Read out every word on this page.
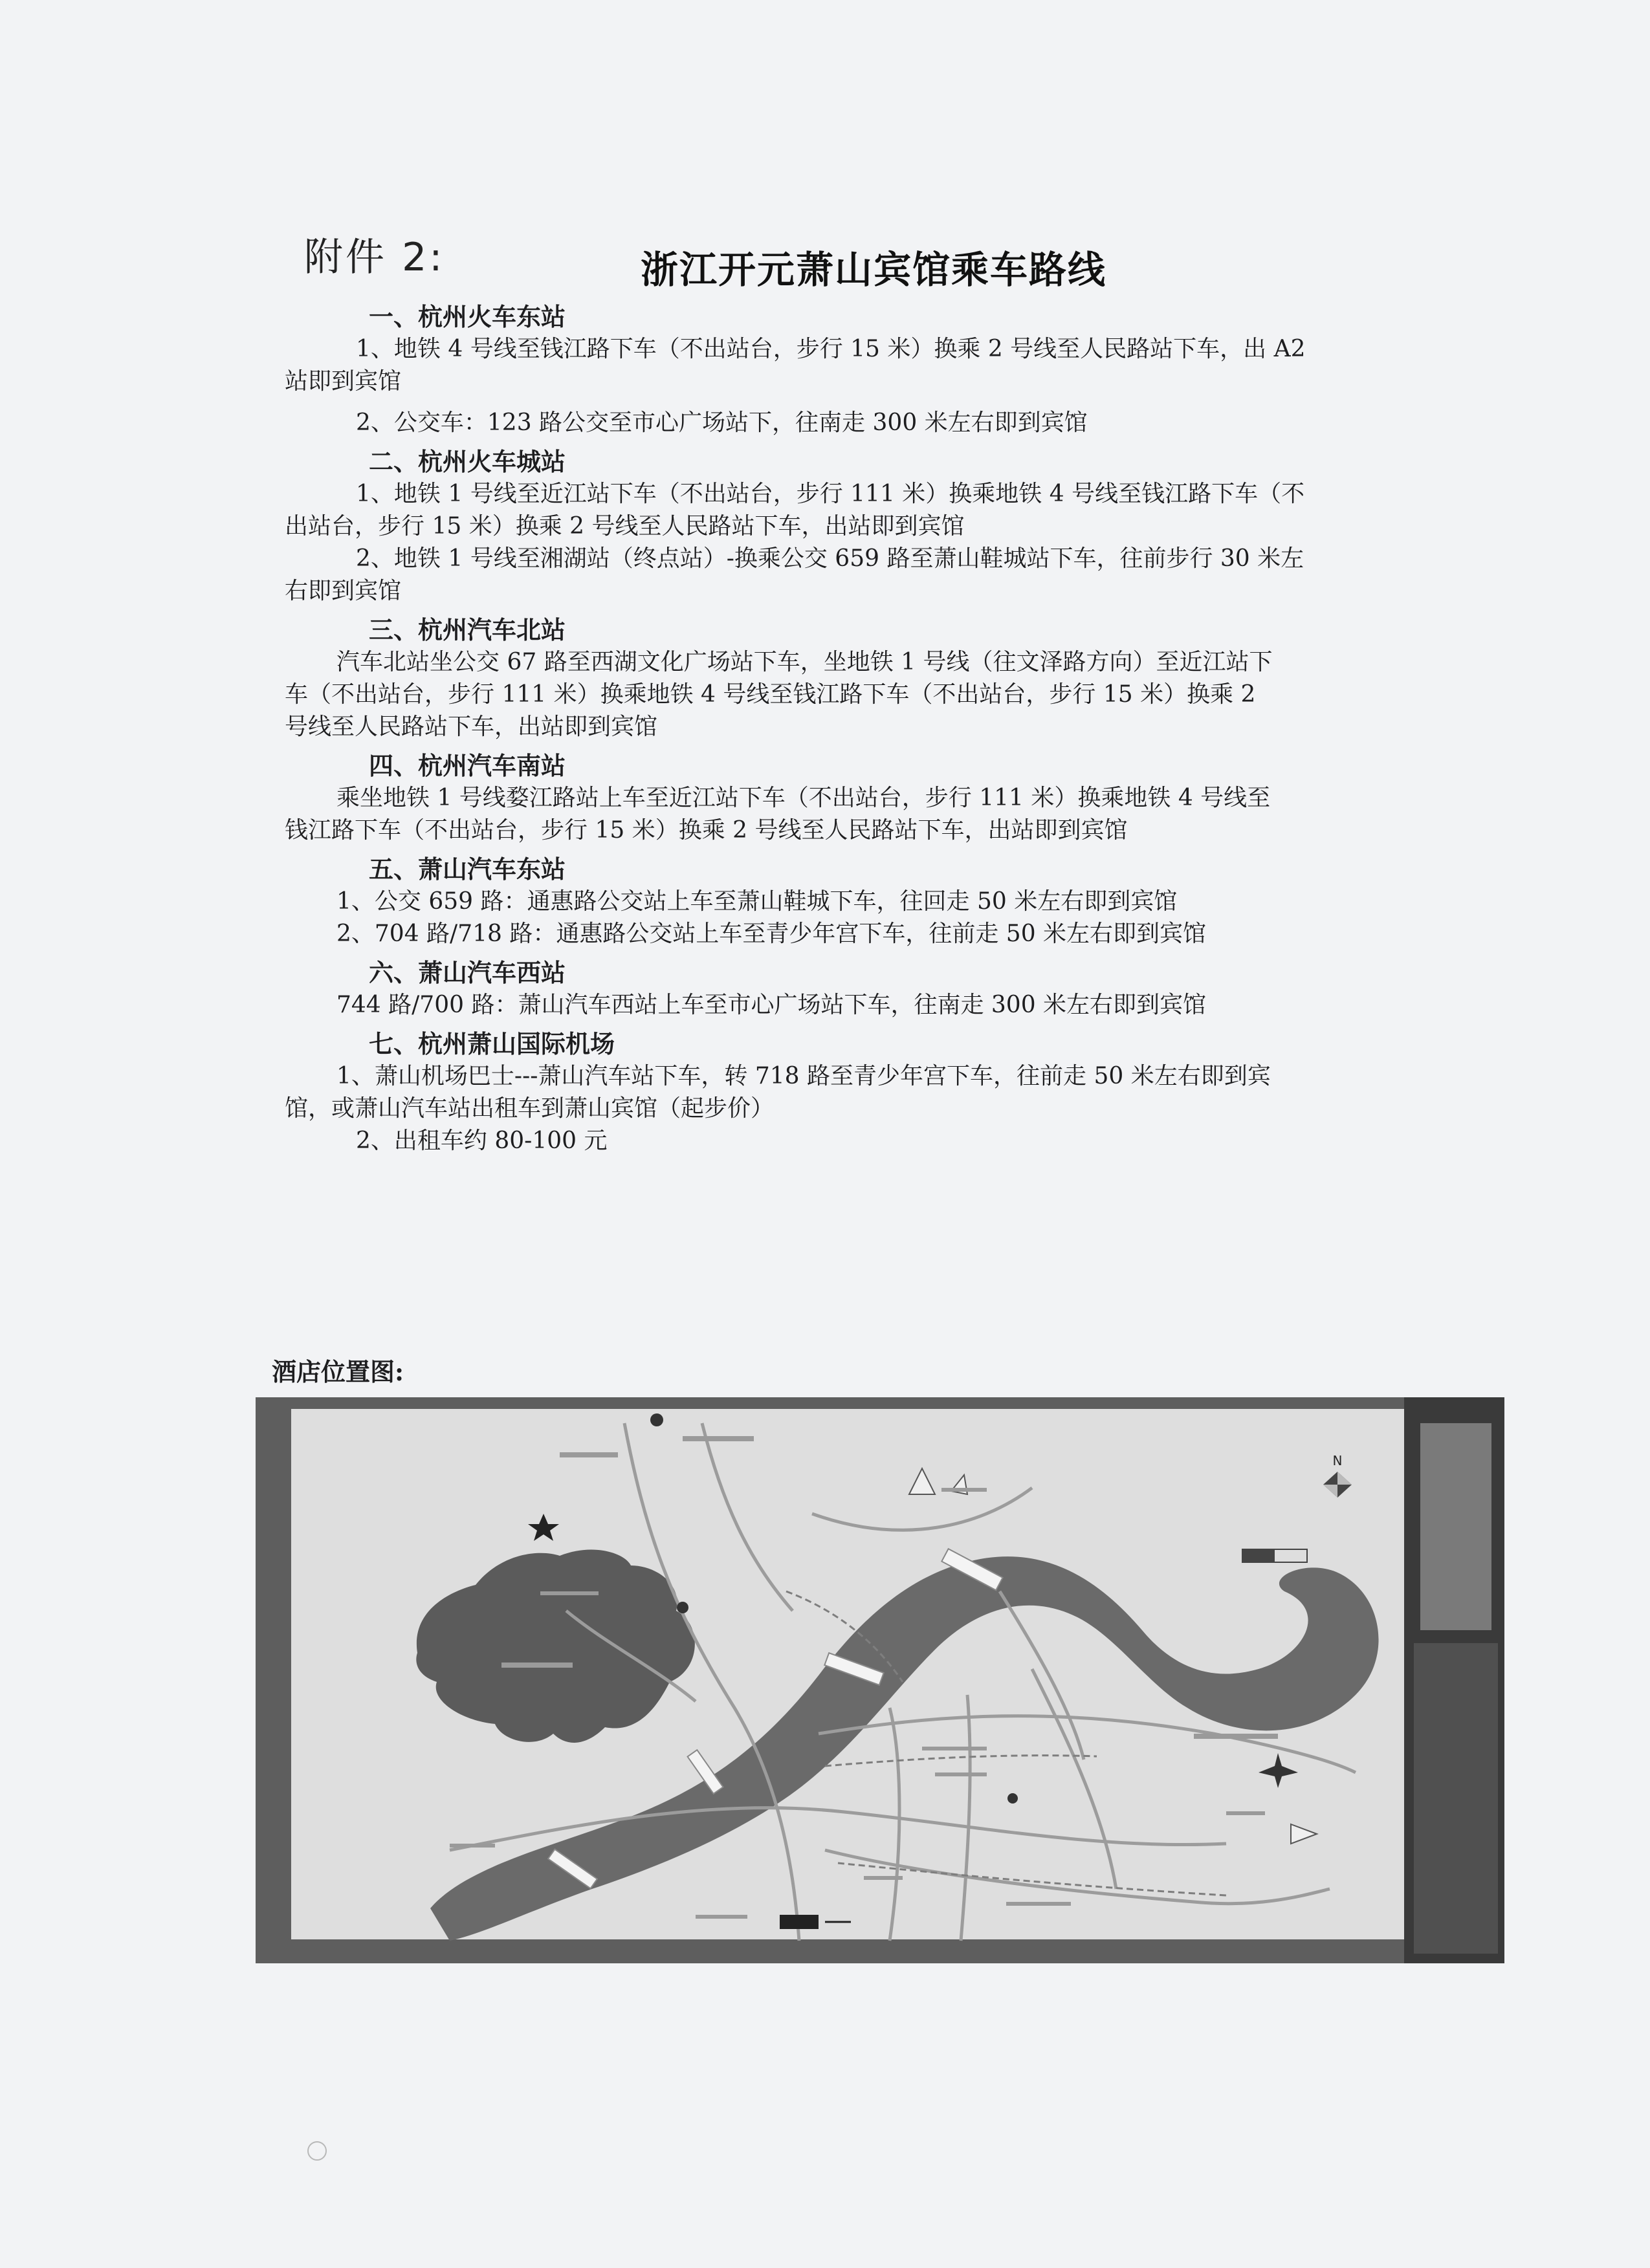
附件 2:	浙江开元萧山宾馆乘车路线
一、杭州火车东站
1、地铁 4 号线至钱江路下车（不出站台，步行 15 米）换乘 2 号线至人民路站下车，出 A2
站即到宾馆
2、公交车：123 路公交至市心广场站下，往南走 300 米左右即到宾馆
二、杭州火车城站
1、地铁 1 号线至近江站下车（不出站台，步行 111 米）换乘地铁 4 号线至钱江路下车（不
出站台，步行 15 米）换乘 2 号线至人民路站下车，出站即到宾馆
2、地铁 1 号线至湘湖站（终点站）-换乘公交 659 路至萧山鞋城站下车，往前步行 30 米左
右即到宾馆
三、杭州汽车北站
汽车北站坐公交 67 路至西湖文化广场站下车，坐地铁 1 号线（往文泽路方向）至近江站下
车（不出站台，步行 111 米）换乘地铁 4 号线至钱江路下车（不出站台，步行 15 米）换乘 2
号线至人民路站下车，出站即到宾馆
四、杭州汽车南站
乘坐地铁 1 号线婺江路站上车至近江站下车（不出站台，步行 111 米）换乘地铁 4 号线至
钱江路下车（不出站台，步行 15 米）换乘 2 号线至人民路站下车，出站即到宾馆
五、萧山汽车东站
1、公交 659 路：通惠路公交站上车至萧山鞋城下车，往回走 50 米左右即到宾馆
2、704 路/718 路：通惠路公交站上车至青少年宫下车，往前走 50 米左右即到宾馆
六、萧山汽车西站
744 路/700 路：萧山汽车西站上车至市心广场站下车，往南走 300 米左右即到宾馆
七、杭州萧山国际机场
1、萧山机场巴士---萧山汽车站下车，转 718 路至青少年宫下车，往前走 50 米左右即到宾
馆，或萧山汽车站出租车到萧山宾馆（起步价）
2、出租车约 80-100 元
酒店位置图:
N
